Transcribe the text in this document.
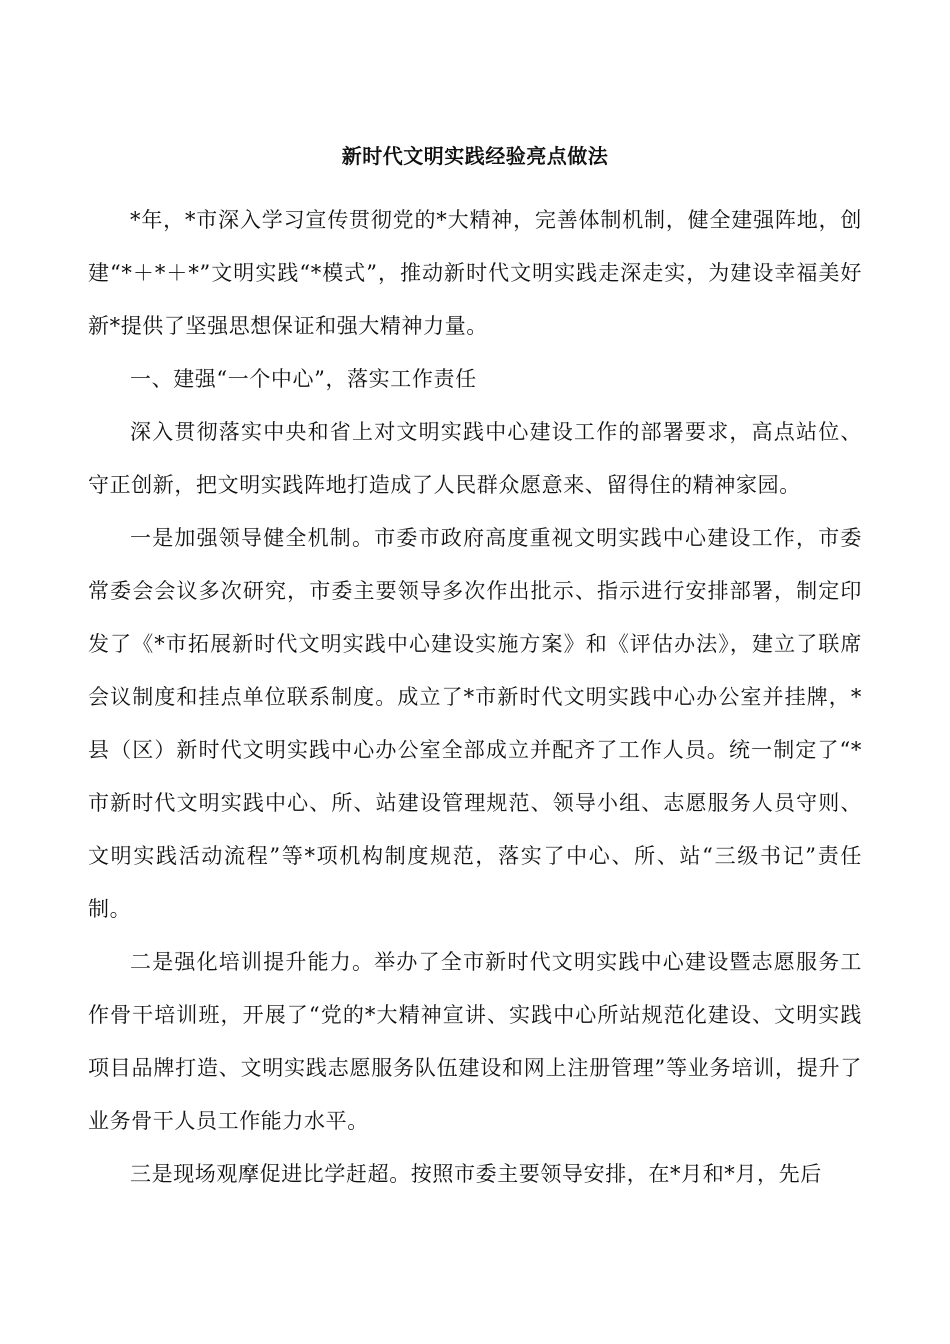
新时代文明实践经验亮点做法

*年，*市深入学习宣传贯彻党的*大精神，完善体制机制，健全建强阵地，创建“*＋*＋*”文明实践“*模式”，推动新时代文明实践走深走实，为建设幸福美好新*提供了坚强思想保证和强大精神力量。

一、建强“一个中心”，落实工作责任

深入贯彻落实中央和省上对文明实践中心建设工作的部署要求，高点站位、守正创新，把文明实践阵地打造成了人民群众愿意来、留得住的精神家园。

一是加强领导健全机制。市委市政府高度重视文明实践中心建设工作，市委常委会会议多次研究，市委主要领导多次作出批示、指示进行安排部署，制定印发了《*市拓展新时代文明实践中心建设实施方案》和《评估办法》，建立了联席会议制度和挂点单位联系制度。成立了*市新时代文明实践中心办公室并挂牌，*县（区）新时代文明实践中心办公室全部成立并配齐了工作人员。统一制定了“*市新时代文明实践中心、所、站建设管理规范、领导小组、志愿服务人员守则、文明实践活动流程”等*项机构制度规范，落实了中心、所、站“三级书记”责任制。

二是强化培训提升能力。举办了全市新时代文明实践中心建设暨志愿服务工作骨干培训班，开展了“党的*大精神宣讲、实践中心所站规范化建设、文明实践项目品牌打造、文明实践志愿服务队伍建设和网上注册管理”等业务培训，提升了业务骨干人员工作能力水平。

三是现场观摩促进比学赶超。按照市委主要领导安排，在*月和*月，先后
